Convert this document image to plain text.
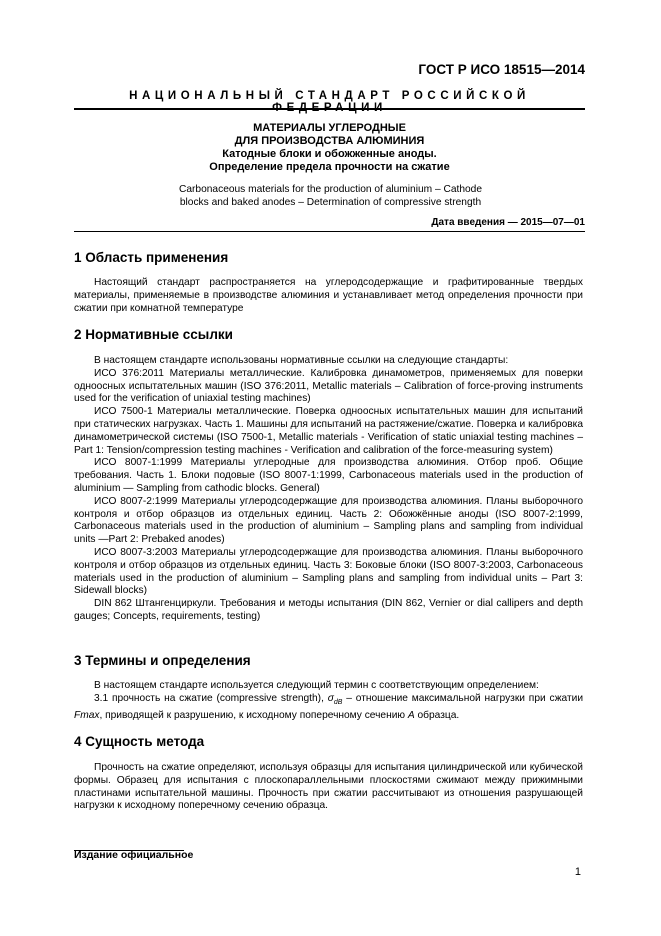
ГОСТ Р ИСО 18515—2014
НАЦИОНАЛЬНЫЙ СТАНДАРТ РОССИЙСКОЙ ФЕДЕРАЦИИ
МАТЕРИАЛЫ УГЛЕРОДНЫЕ
ДЛЯ ПРОИЗВОДСТВА АЛЮМИНИЯ
Катодные блоки и обожженные аноды.
Определение предела прочности на сжатие
Carbonaceous materials for the production of aluminium – Cathode
blocks and baked anodes – Determination of compressive strength
Дата введения — 2015—07—01
1 Область применения

Настоящий стандарт распространяется на углеродсодержащие и графитированные твердых материалы, применяемые в производстве алюминия и устанавливает метод определения прочности при сжатии при комнатной температуре

2 Нормативные ссылки

В настоящем стандарте использованы нормативные ссылки на следующие стандарты:

ИСО 376:2011 Материалы металлические. Калибровка динамометров, применяемых для поверки одноосных испытательных машин (ISO 376:2011, Metallic materials – Calibration of force-proving instruments used for the verification of uniaxial testing machines)

ИСО 7500-1 Материалы металлические. Поверка одноосных испытательных машин для испытаний при статических нагрузках. Часть 1. Машины для испытаний на растяжение/сжатие. Поверка и калибровка динамометрической системы (ISO 7500-1, Metallic materials - Verification of static uniaxial testing machines – Part 1: Tension/compression testing machines - Verification and calibration of the force-measuring system)

ИСО 8007-1:1999 Материалы углеродные для производства алюминия. Отбор проб. Общие требования. Часть 1. Блоки подовые (ISO 8007-1:1999, Carbonaceous materials used in the production of aluminium — Sampling from cathodic blocks. General)

ИСО 8007-2:1999 Материалы углеродсодержащие для производства алюминия. Планы выборочного контроля и отбор образцов из отдельных единиц. Часть 2: Обожжённые аноды (ISO 8007-2:1999, Carbonaceous materials used in the production of aluminium – Sampling plans and sampling from individual units —Part 2: Prebaked anodes)

ИСО 8007-3:2003 Материалы углеродсодержащие для производства алюминия. Планы выборочного контроля и отбор образцов из отдельных единиц. Часть 3: Боковые блоки (ISO 8007-3:2003, Carbonaceous materials used in the production of aluminium – Sampling plans and sampling from individual units – Part 3: Sidewall blocks)

DIN 862 Штангенциркули. Требования и методы испытания (DIN 862, Vernier or dial callipers and depth gauges; Concepts, requirements, testing)

3 Термины и определения

В настоящем стандарте используется следующий термин с соответствующим определением:

3.1 прочность на сжатие (compressive strength), $\sigma_{dB}$ – отношение максимальной нагрузки при сжатии Fmax, приводящей к разрушению, к исходному поперечному сечению A образца.

4 Сущность метода

Прочность на сжатие определяют, используя образцы для испытания цилиндрической или кубической формы. Образец для испытания с плоскопараллельными плоскостями сжимают между прижимными пластинами испытательной машины. Прочность при сжатии рассчитывают из отношения разрушающей нагрузки к исходному поперечному сечению образца.

Издание официальное
1
